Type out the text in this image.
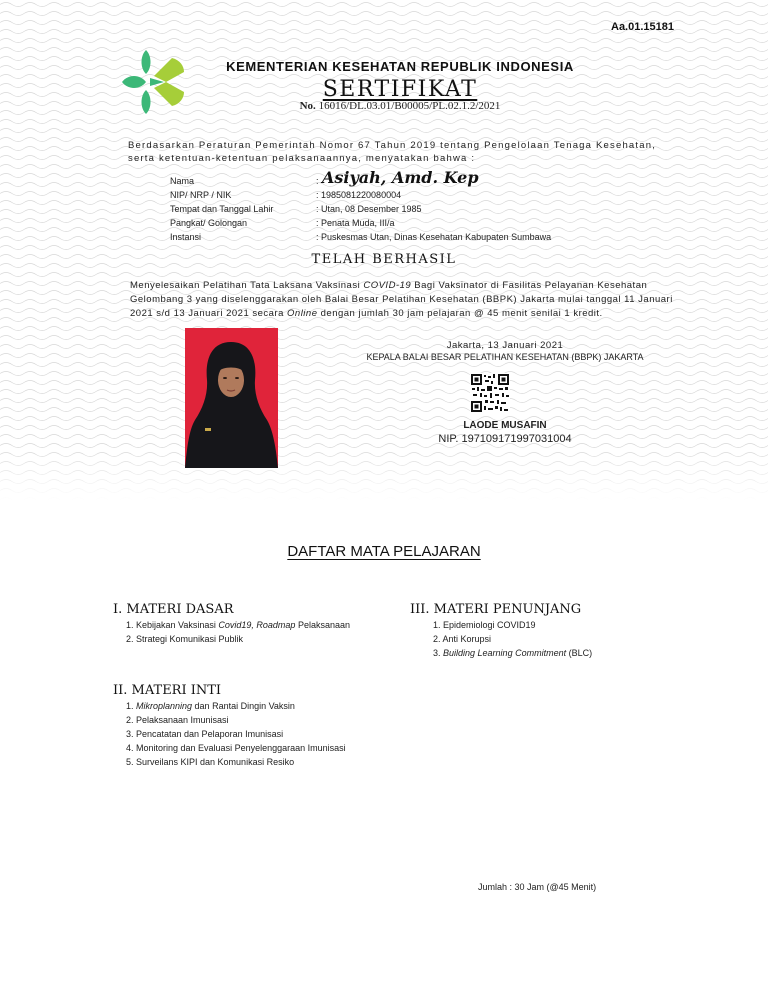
Aa.01.15181
KEMENTERIAN KESEHATAN REPUBLIK INDONESIA
SERTIFIKAT
No. 16016/DL.03.01/B00005/PL.02.1.2/2021
Berdasarkan Peraturan Pemerintah Nomor 67 Tahun 2019 tentang Pengelolaan Tenaga Kesehatan, serta ketentuan-ketentuan pelaksanaannya, menyatakan bahwa :
Nama	: Asiyah, Amd. Kep
NIP/ NRP / NIK	: 1985081220080004
Tempat dan Tanggal Lahir	: Utan, 08 Desember 1985
Pangkat/ Golongan	: Penata Muda, III/a
Instansi	: Puskesmas Utan, Dinas Kesehatan Kabupaten Sumbawa
TELAH BERHASIL
Menyelesaikan Pelatihan Tata Laksana Vaksinasi COVID-19 Bagi Vaksinator di Fasilitas Pelayanan Kesehatan Gelombang 3 yang diselenggarakan oleh Balai Besar Pelatihan Kesehatan (BBPK) Jakarta mulai tanggal 11 Januari 2021 s/d 13 Januari 2021 secara Online dengan jumlah 30 jam pelajaran @ 45 menit senilai 1 kredit.
Jakarta, 13 Januari 2021
KEPALA BALAI BESAR PELATIHAN KESEHATAN (BBPK) JAKARTA
LAODE MUSAFIN
NIP. 197109171997031004
DAFTAR MATA PELAJARAN
I. MATERI DASAR
1. Kebijakan Vaksinasi Covid19, Roadmap Pelaksanaan
2. Strategi Komunikasi Publik
III. MATERI PENUNJANG
1. Epidemiologi COVID19
2. Anti Korupsi
3. Building Learning Commitment (BLC)
II. MATERI INTI
1. Mikroplanning dan Rantai Dingin Vaksin
2. Pelaksanaan Imunisasi
3. Pencatatan dan Pelaporan Imunisasi
4. Monitoring dan Evaluasi Penyelenggaraan Imunisasi
5. Surveilans KIPI dan Komunikasi Resiko
Jumlah : 30 Jam (@45 Menit)
